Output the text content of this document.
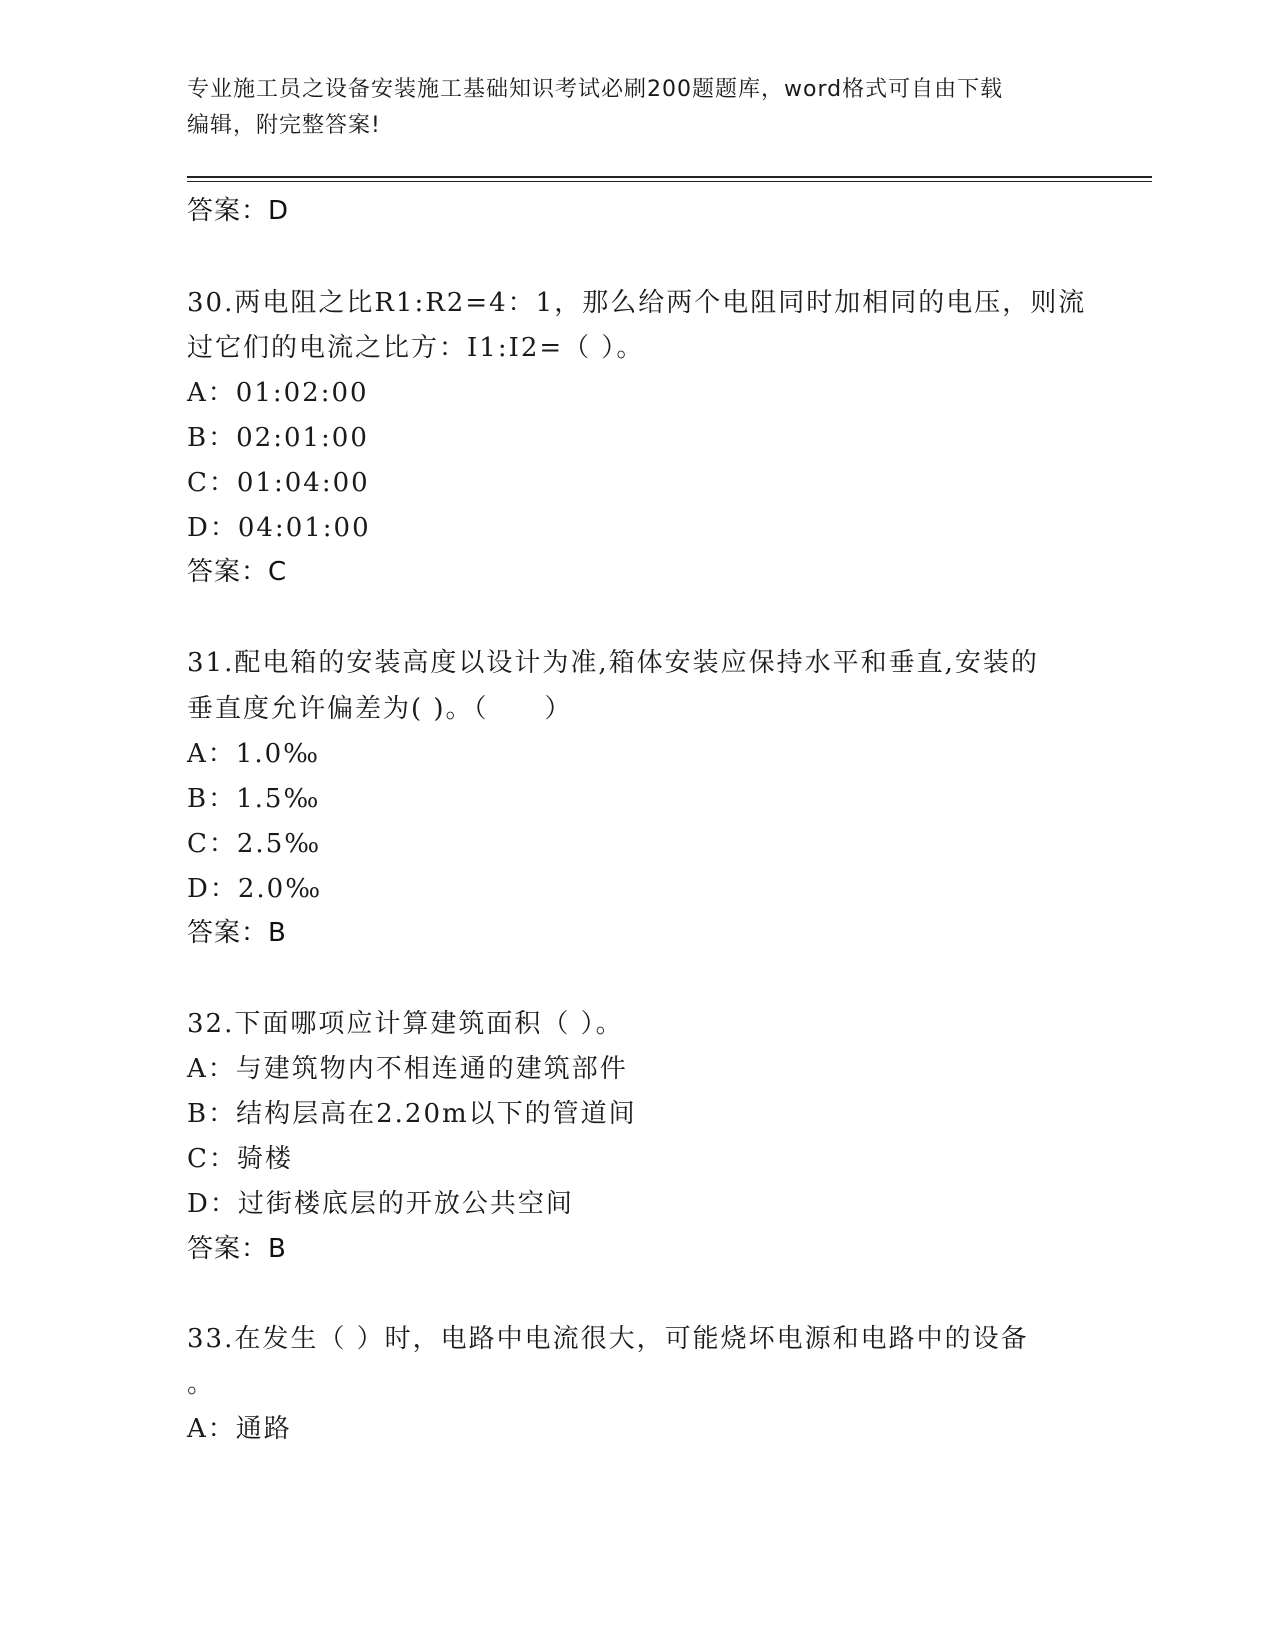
专业施工员之设备安装施工基础知识考试必刷200题题库，word格式可自由下载
编辑，附完整答案!
答案：D
30.两电阻之比R1:R2=4：1，那么给两个电阻同时加相同的电压，则流
过它们的电流之比方：I1:I2=（ ）。
A：01:02:00
B：02:01:00
C：01:04:00
D：04:01:00
答案：C
31.配电箱的安装高度以设计为准,箱体安装应保持水平和垂直,安装的
垂直度允许偏差为( )。（　　）
A：1.0‰
B：1.5‰
C：2.5‰
D：2.0‰
答案：B
32.下面哪项应计算建筑面积（ ）。
A：与建筑物内不相连通的建筑部件
B：结构层高在2.20m以下的管道间
C：骑楼
D：过街楼底层的开放公共空间
答案：B
33.在发生（ ）时，电路中电流很大，可能烧坏电源和电路中的设备
。
A：通路
